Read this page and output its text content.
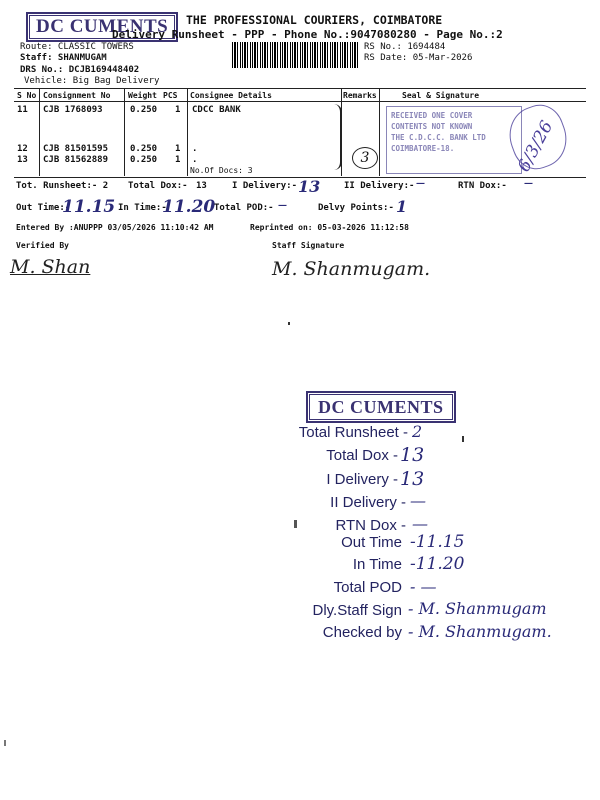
DC CUMENTS	THE PROFESSIONAL COURIERS, COIMBATORE
Delivery Runsheet - PPP - Phone No.:9047080280 - Page No.:2
Route: CLASSIC TOWERS
Staff: SHANMUGAM
DRS No.: DCJB169448402
Vehicle: Big Bag Delivery
RS No.: 1694484
RS Date: 05-Mar-2026
S No Consignment No Weight PCS Consignee Details	Remarks	Seal & Signature
11 CJB 1768093	0.250 1 CDCC BANK
12 CJB 81501595 0.250 1 .
13 CJB 81562889 0.250 1 .
No.Of Docs: 3
3
RECEIVED ONE COVER
CONTENTS NOT KNOWN
THE C.D.C.C. BANK LTD
COIMBATORE-18.	6/3/26
Tot. Runsheet:- 2 Total Dox:- 13	I Delivery:- 13	II Delivery:- —	RTN Dox:- —
Out Time:-
11.15 In Time:-
11.20
Total POD:- —	Delvy Points:- 1
Entered By :ANUPPP 03/05/2026 11:10:42 AM	Reprinted on: 05-03-2026 11:12:58
Verified By	Staff Signature
M. Shan	M. Shanmugam.
DC CUMENTS
Total Runsheet - 2
Total Dox - 13
I Delivery - 13
II Delivery - —
RTN Dox - —
Out Time -11.15
In Time -11.20
Total POD - —
Dly.Staff Sign - M. Shanmugam
Checked by - M. Shanmugam.
